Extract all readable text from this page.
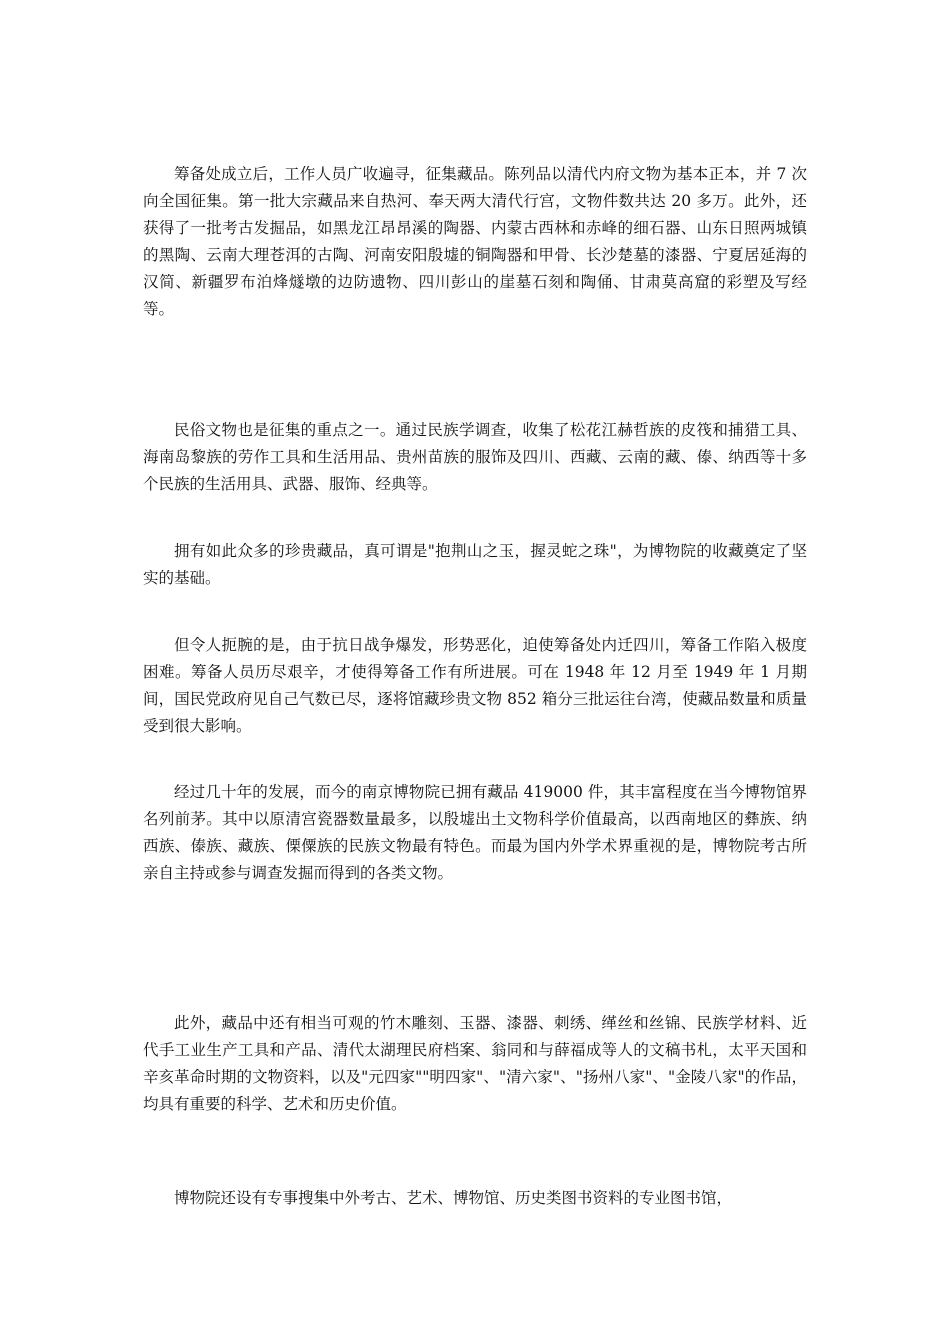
筹备处成立后，工作人员广收遍寻，征集藏品。陈列品以清代内府文物为基本正本，并 7 次向全国征集。第一批大宗藏品来自热河、奉天两大清代行宫，文物件数共达 20 多万。此外，还获得了一批考古发掘品，如黑龙江昂昂溪的陶器、内蒙古西林和赤峰的细石器、山东日照两城镇的黑陶、云南大理苍洱的古陶、河南安阳殷墟的铜陶器和甲骨、长沙楚墓的漆器、宁夏居延海的汉简、新疆罗布泊烽燧墩的边防遗物、四川彭山的崖墓石刻和陶俑、甘肃莫高窟的彩塑及写经等。

民俗文物也是征集的重点之一。通过民族学调查，收集了松花江赫哲族的皮筏和捕猎工具、海南岛黎族的劳作工具和生活用品、贵州苗族的服饰及四川、西藏、云南的藏、傣、纳西等十多个民族的生活用具、武器、服饰、经典等。

拥有如此众多的珍贵藏品，真可谓是"抱荆山之玉，握灵蛇之珠"，为博物院的收藏奠定了坚实的基础。

但令人扼腕的是，由于抗日战争爆发，形势恶化，迫使筹备处内迁四川，筹备工作陷入极度困难。筹备人员历尽艰辛，才使得筹备工作有所进展。可在 1948 年 12 月至 1949 年 1 月期间，国民党政府见自己气数已尽，逐将馆藏珍贵文物 852 箱分三批运往台湾，使藏品数量和质量受到很大影响。

经过几十年的发展，而今的南京博物院已拥有藏品 419000 件，其丰富程度在当今博物馆界名列前茅。其中以原清宫瓷器数量最多，以殷墟出土文物科学价值最高，以西南地区的彝族、纳西族、傣族、藏族、傈僳族的民族文物最有特色。而最为国内外学术界重视的是，博物院考古所亲自主持或参与调查发掘而得到的各类文物。

此外，藏品中还有相当可观的竹木雕刻、玉器、漆器、刺绣、缂丝和丝锦、民族学材料、近代手工业生产工具和产品、清代太湖理民府档案、翁同和与薛福成等人的文稿书札，太平天国和辛亥革命时期的文物资料，以及"元四家""明四家"、"清六家"、"扬州八家"、"金陵八家"的作品，均具有重要的科学、艺术和历史价值。

博物院还设有专事搜集中外考古、艺术、博物馆、历史类图书资料的专业图书馆，
